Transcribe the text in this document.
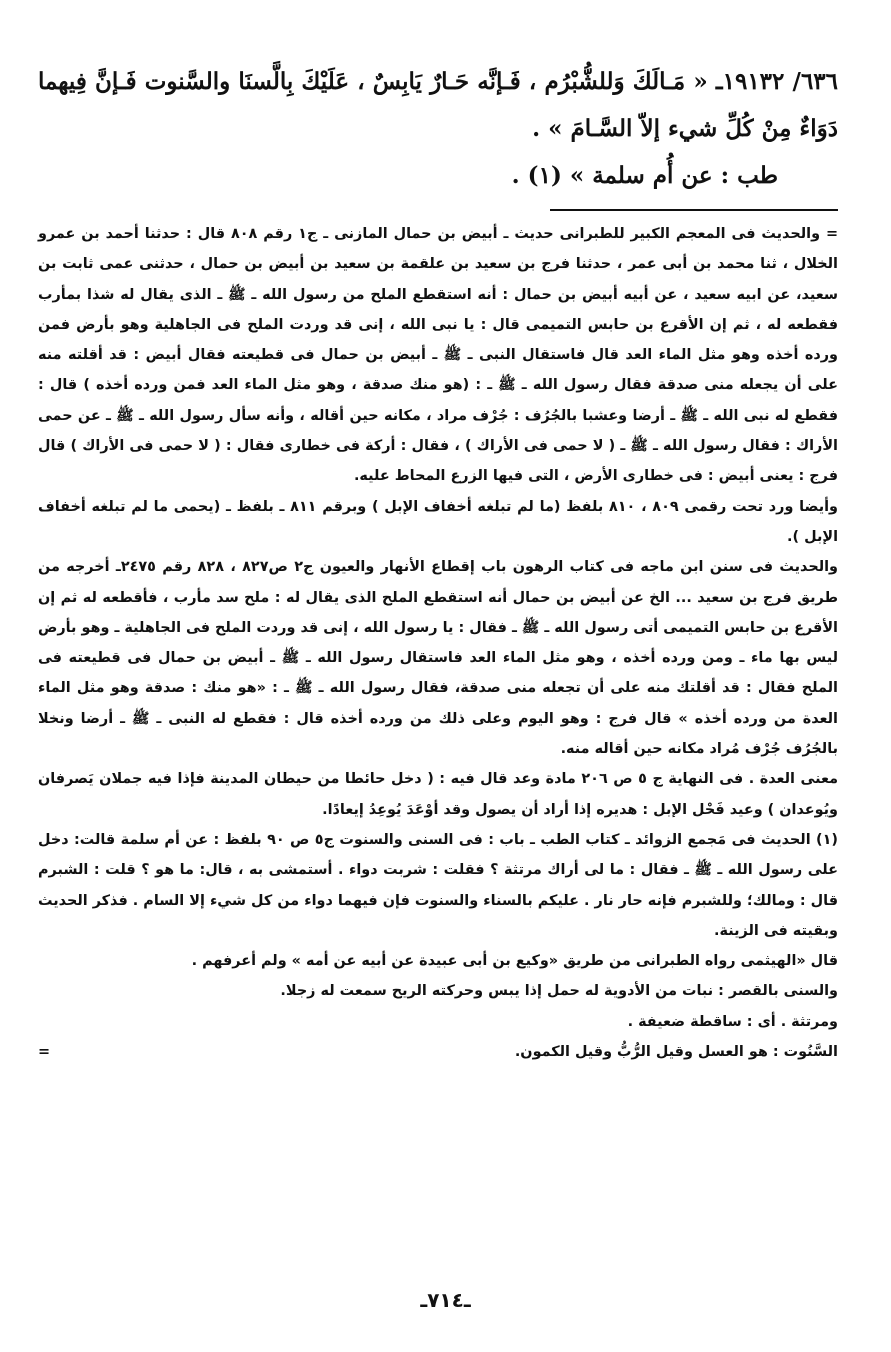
٦٣٦/ ١٩١٣٢ـ « مَـالَكَ وَللشُّبْرُم ، فَـإنَّه حَـارٌ يَابِسٌ ، عَلَيْكَ بِالَّسنَا والسَّنوت فَـإنَّ فِيهما دَوَاءٌ مِنْ كُلِّ شيء إلاّ السَّـامَ » .
طب : عن أُم سلمة » (١) .

= والحديث فى المعجم الكبير للطبرانى حديث ـ أبيض بن حمال المازنى ـ ج١ رقم ٨٠٨ قال : حدثنا أحمد بن عمرو الخلال ، ثنا محمد بن أبى عمر ، حدثنا فرج بن سعيد بن علقمة بن سعيد بن أبيض بن حمال ، حدثنى عمى ثابت بن سعيد، عن ابيه سعيد ، عن أبيه أبيض بن حمال : أنه استقطع الملح من رسول الله ـ ﷺ ـ الذى يقال له شذا بمأرب فقطعه له ، ثم إن الأقرع بن حابس التميمى قال : يا نبى الله ، إنى قد وردت الملح فى الجاهلية وهو بأرض فمن ورده أخذه وهو مثل الماء العد قال فاستقال النبى ـ ﷺ ـ أبيض بن حمال فى قطيعته فقال أبيض : قد أقلته منه على أن يجعله منى صدقة فقال رسول الله ـ ﷺ ـ : (هو منك صدقة ، وهو مثل الماء العد فمن ورده أخذه ) قال : فقطع له نبى الله ـ ﷺ ـ أرضا وعشبا بالجُرُف : جُرْف مراد ، مكانه حين أقاله ، وأنه سأل رسول الله ـ ﷺ ـ عن حمى الأراك : فقال رسول الله ـ ﷺ ـ ( لا حمى فى الأراك ) ، فقال : أركة فى خطارى فقال : ( لا حمى فى الأراك ) قال فرج : يعنى أبيض : فى خطارى الأرض ، التى فيها الزرع المحاط عليه.

وأيضا ورد تحت رقمى ٨٠٩ ، ٨١٠ بلفظ (ما لم تبلغه أخفاف الإبل ) وبرقم ٨١١ ـ بلفظ ـ (يحمى ما لم تبلغه أخفاف الإبل ).

والحديث فى سنن ابن ماجه فى كتاب الرهون باب إقطاع الأنهار والعيون ج٢ ص٨٢٧ ، ٨٢٨ رقم ٢٤٧٥ـ أخرجه من طريق فرج بن سعيد ... الخ عن أبيض بن حمال أنه استقطع الملح الذى يقال له : ملح سد مأرب ، فأقطعه له ثم إن الأقرع بن حابس التميمى أتى رسول الله ـ ﷺ ـ فقال : يا رسول الله ، إنى قد وردت الملح فى الجاهلية ـ وهو بأرض ليس بها ماء ـ ومن ورده أخذه ، وهو مثل الماء العد فاستقال رسول الله ـ ﷺ ـ أبيض بن حمال فى قطيعته فى الملح فقال : قد أقلتك منه على أن تجعله منى صدقة، فقال رسول الله ـ ﷺ ـ : «هو منك : صدقة وهو مثل الماء العدة من ورده أخذه » قال فرج : وهو اليوم وعلى ذلك من ورده أخذه قال : فقطع له النبى ـ ﷺ ـ أرضا ونخلا بالجُرُف جُرْف مُراد مكانه حين أقاله منه.

معنى العدة . فى النهاية ج ٥ ص ٢٠٦ مادة وعد قال فيه : ( دخل حائطا من حيطان المدينة فإذا فيه جملان يَصرفان ويُوعدان ) وعيد فَحْل الإبل : هديره إذا أراد أن يصول وقد أوْعَدَ يُوعِدُ إيعادًا.

(١) الحديث فى مَجمع الزوائد ـ كتاب الطب ـ باب : فى السنى والسنوت ج٥ ص ٩٠ بلفظ : عن أم سلمة قالت: دخل على رسول الله ـ ﷺ ـ فقال : ما لى أراك مرتثة ؟ فقلت : شربت دواء . أستمشى به ، قال: ما هو ؟ قلت : الشبرم قال : ومالك؛ وللشبرم فإنه حار نار . عليكم بالسناء والسنوت فإن فيهما دواء من كل شيء إلا السام . فذكر الحديث وبقيته فى الزينة.

قال «الهيثمى رواه الطبرانى من طريق «وكيع بن أبى عبيدة عن أبيه عن أمه » ولم أعرفهم .

والسنى بالقصر : نبات من الأدوية له حمل إذا يبس وحركته الريح سمعت له زجلا.

ومرتثة . أى : ساقطة ضعيفة .

السَّنُوت : هو العسل وقيل الرُّبُّ وقيل الكمون.
=
ـ٧١٤ـ
